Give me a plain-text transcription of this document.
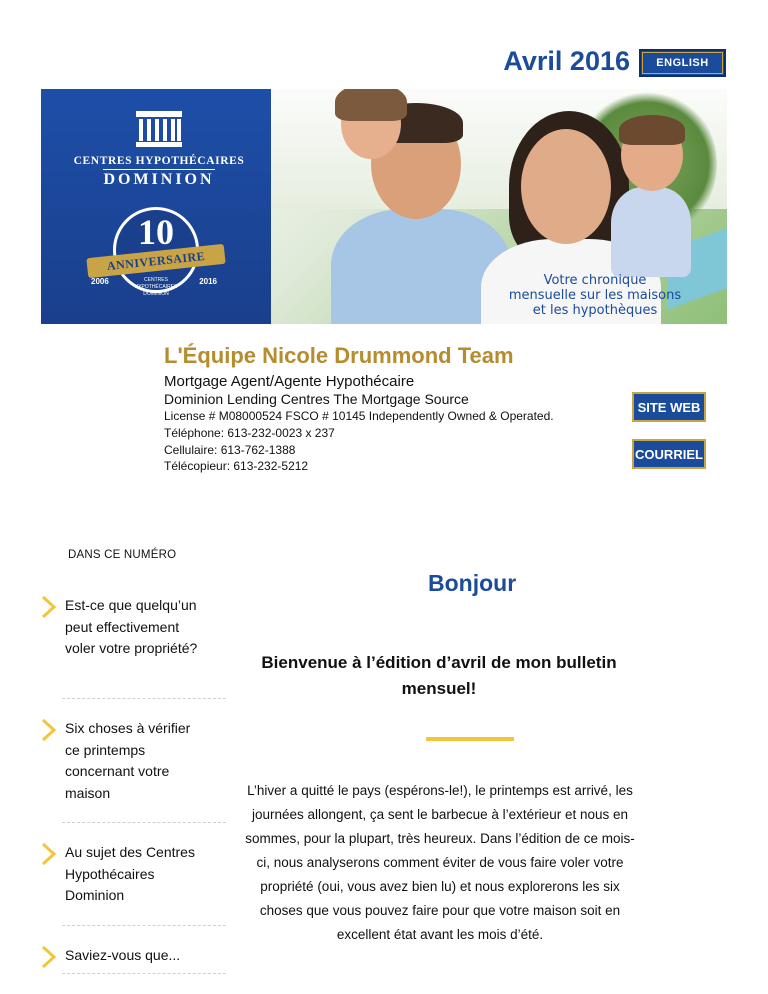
Avril 2016	ENGLISH
CENTRES HYPOTHÉCAIRES
DOMINION
10
ANNIVERSAIRE
2006	2016
CENTRES HYPOTHÉCAIRES
DOMINION
Votre chronique
mensuelle sur les maisons
et les hypothèques
L'Équipe Nicole Drummond Team
Mortgage Agent/Agente Hypothécaire
Dominion Lending Centres The Mortgage Source
License # M08000524 FSCO # 10145 Independently Owned & Operated.
Téléphone: 613-232-0023 x 237
Cellulaire: 613-762-1388
Télécopieur: 613-232-5212
SITE WEB
COURRIEL
DANS CE NUMÉRO
Est-ce que quelqu’un peut effectivement voler votre propriété?
Six choses à vérifier ce printemps concernant votre maison
Au sujet des Centres Hypothécaires Dominion
Saviez-vous que...
Bonjour
Bienvenue à l’édition d’avril de mon bulletin mensuel!
L’hiver a quitté le pays (espérons-le!), le printemps est arrivé, les journées allongent, ça sent le barbecue à l’extérieur et nous en sommes, pour la plupart, très heureux. Dans l’édition de ce mois-ci, nous analyserons comment éviter de vous faire voler votre propriété (oui, vous avez bien lu) et nous explorerons les six choses que vous pouvez faire pour que votre maison soit en excellent état avant les mois d’été.
